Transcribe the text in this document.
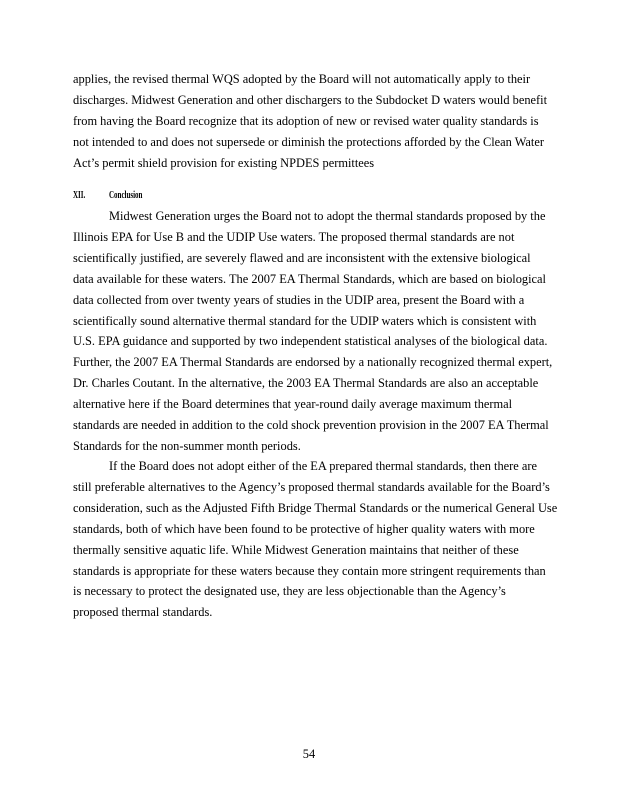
applies, the revised thermal WQS adopted by the Board will not automatically apply to their
discharges. Midwest Generation and other dischargers to the Subdocket D waters would benefit
from having the Board recognize that its adoption of new or revised water quality standards is
not intended to and does not supersede or diminish the protections afforded by the Clean Water
Act’s permit shield provision for existing NPDES permittees
XII. Conclusion
Midwest Generation urges the Board not to adopt the thermal standards proposed by the
Illinois EPA for Use B and the UDIP Use waters. The proposed thermal standards are not
scientifically justified, are severely flawed and are inconsistent with the extensive biological
data available for these waters. The 2007 EA Thermal Standards, which are based on biological
data collected from over twenty years of studies in the UDIP area, present the Board with a
scientifically sound alternative thermal standard for the UDIP waters which is consistent with
U.S. EPA guidance and supported by two independent statistical analyses of the biological data.
Further, the 2007 EA Thermal Standards are endorsed by a nationally recognized thermal expert,
Dr. Charles Coutant. In the alternative, the 2003 EA Thermal Standards are also an acceptable
alternative here if the Board determines that year-round daily average maximum thermal
standards are needed in addition to the cold shock prevention provision in the 2007 EA Thermal
Standards for the non-summer month periods.
If the Board does not adopt either of the EA prepared thermal standards, then there are
still preferable alternatives to the Agency’s proposed thermal standards available for the Board’s
consideration, such as the Adjusted Fifth Bridge Thermal Standards or the numerical General Use
standards, both of which have been found to be protective of higher quality waters with more
thermally sensitive aquatic life. While Midwest Generation maintains that neither of these
standards is appropriate for these waters because they contain more stringent requirements than
is necessary to protect the designated use, they are less objectionable than the Agency’s
proposed thermal standards.
54
